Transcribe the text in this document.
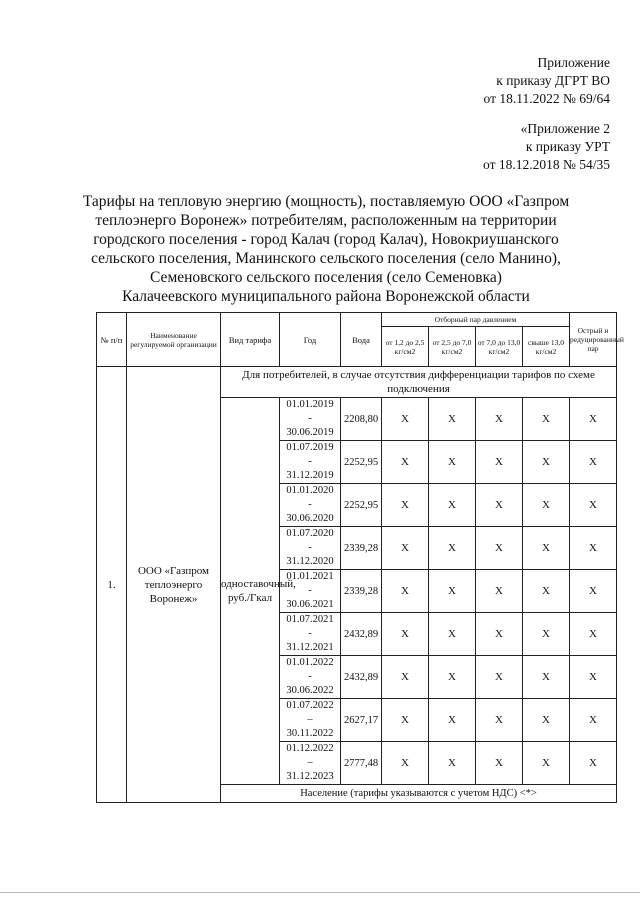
Приложение
к приказу ДГРТ ВО
от 18.11.2022 № 69/64
«Приложение 2
к приказу УРТ
от 18.12.2018 № 54/35
Тарифы на тепловую энергию (мощность), поставляемую ООО «Газпром
теплоэнерго Воронеж» потребителям, расположенным на территории
городского поселения - город Калач (город Калач), Новокриушанского
сельского поселения, Манинского сельского поселения (село Манино),
Семеновского сельского поселения (село Семеновка)
Калачеевского муниципального района Воронежской области
№ п/п	Наименование регулируемой организации	Вид тарифа	Год	Вода	Отборный пар давлением				Острый и редуцированный пар
					от 1,2 до 2,5 кг/см2	от 2,5 до 7,0 кг/см2	от 7,0 до 13,0 кг/см2	свыше 13,0 кг/см2	
1.	ООО «Газпром теплоэнерго Воронеж»	Для потребителей, в случае отсутствия дифференциации тарифов по схеме подключения							
		одноставочный, руб./Гкал	01.01.2019
-
30.06.2019	2208,80	X	X	X	X	X

			01.07.2019
-
31.12.2019	2252,95	X	X	X	X	X

			01.01.2020
-
30.06.2020	2252,95	X	X	X	X	X

			01.07.2020
-
31.12.2020	2339,28	X	X	X	X	X

			01.01.2021
-
30.06.2021	2339,28	X	X	X	X	X

			01.07.2021
-
31.12.2021	2432,89	X	X	X	X	X

			01.01.2022
-
30.06.2022	2432,89	X	X	X	X	X

			01.07.2022
–
30.11.2022	2627,17	X	X	X	X	X

			01.12.2022
–
31.12.2023	2777,48	X	X	X	X	X
		Население (тарифы указываются с учетом НДС) <*>							
